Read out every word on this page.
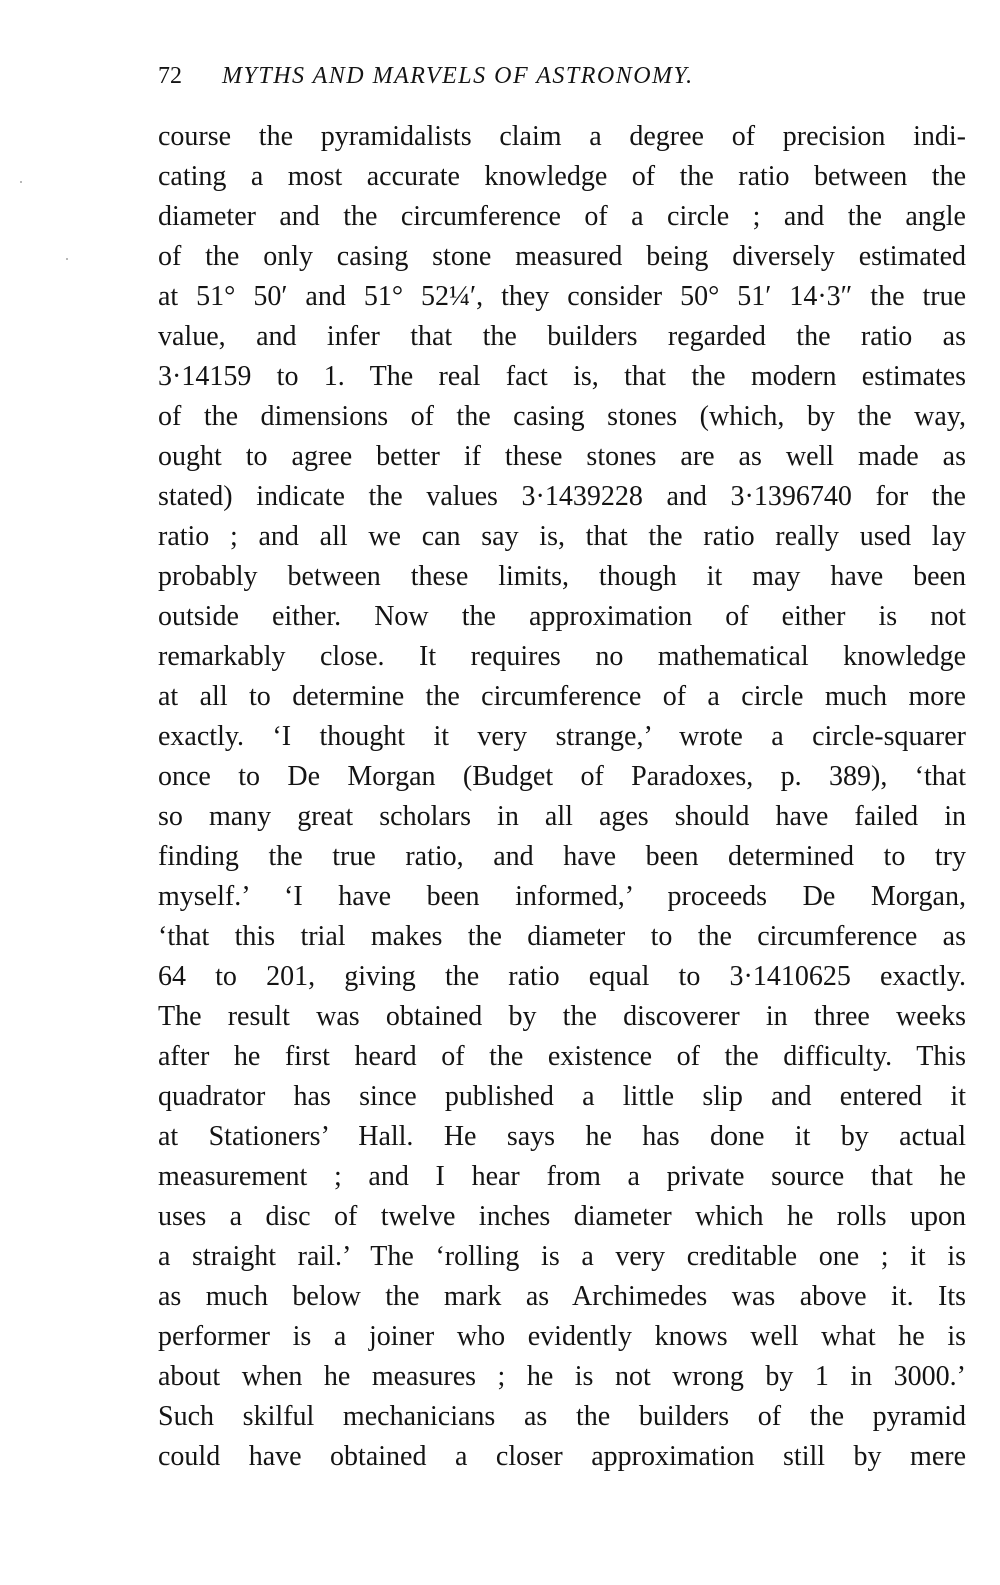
72 MYTHS AND MARVELS OF ASTRONOMY.
course the pyramidalists claim a degree of precision indi-
cating a most accurate knowledge of the ratio between the
diameter and the circumference of a circle ; and the angle
of the only casing stone measured being diversely estimated
at 51° 50′ and 51° 52¼′, they consider 50° 51′ 14·3″ the true
value, and infer that the builders regarded the ratio as
3·14159 to 1. The real fact is, that the modern estimates
of the dimensions of the casing stones (which, by the way,
ought to agree better if these stones are as well made as
stated) indicate the values 3·1439228 and 3·1396740 for the
ratio ; and all we can say is, that the ratio really used lay
probably between these limits, though it may have been
outside either. Now the approximation of either is not
remarkably close. It requires no mathematical knowledge
at all to determine the circumference of a circle much more
exactly. ‘I thought it very strange,’ wrote a circle-squarer
once to De Morgan (Budget of Paradoxes, p. 389), ‘that
so many great scholars in all ages should have failed in
finding the true ratio, and have been determined to try
myself.’ ‘I have been informed,’ proceeds De Morgan,
‘that this trial makes the diameter to the circumference as
64 to 201, giving the ratio equal to 3·1410625 exactly.
The result was obtained by the discoverer in three weeks
after he first heard of the existence of the difficulty. This
quadrator has since published a little slip and entered it
at Stationers’ Hall. He says he has done it by actual
measurement ; and I hear from a private source that he
uses a disc of twelve inches diameter which he rolls upon
a straight rail.’ The ‘rolling is a very creditable one ; it is
as much below the mark as Archimedes was above it. Its
performer is a joiner who evidently knows well what he is
about when he measures ; he is not wrong by 1 in 3000.’
Such skilful mechanicians as the builders of the pyramid
could have obtained a closer approximation still by mere
